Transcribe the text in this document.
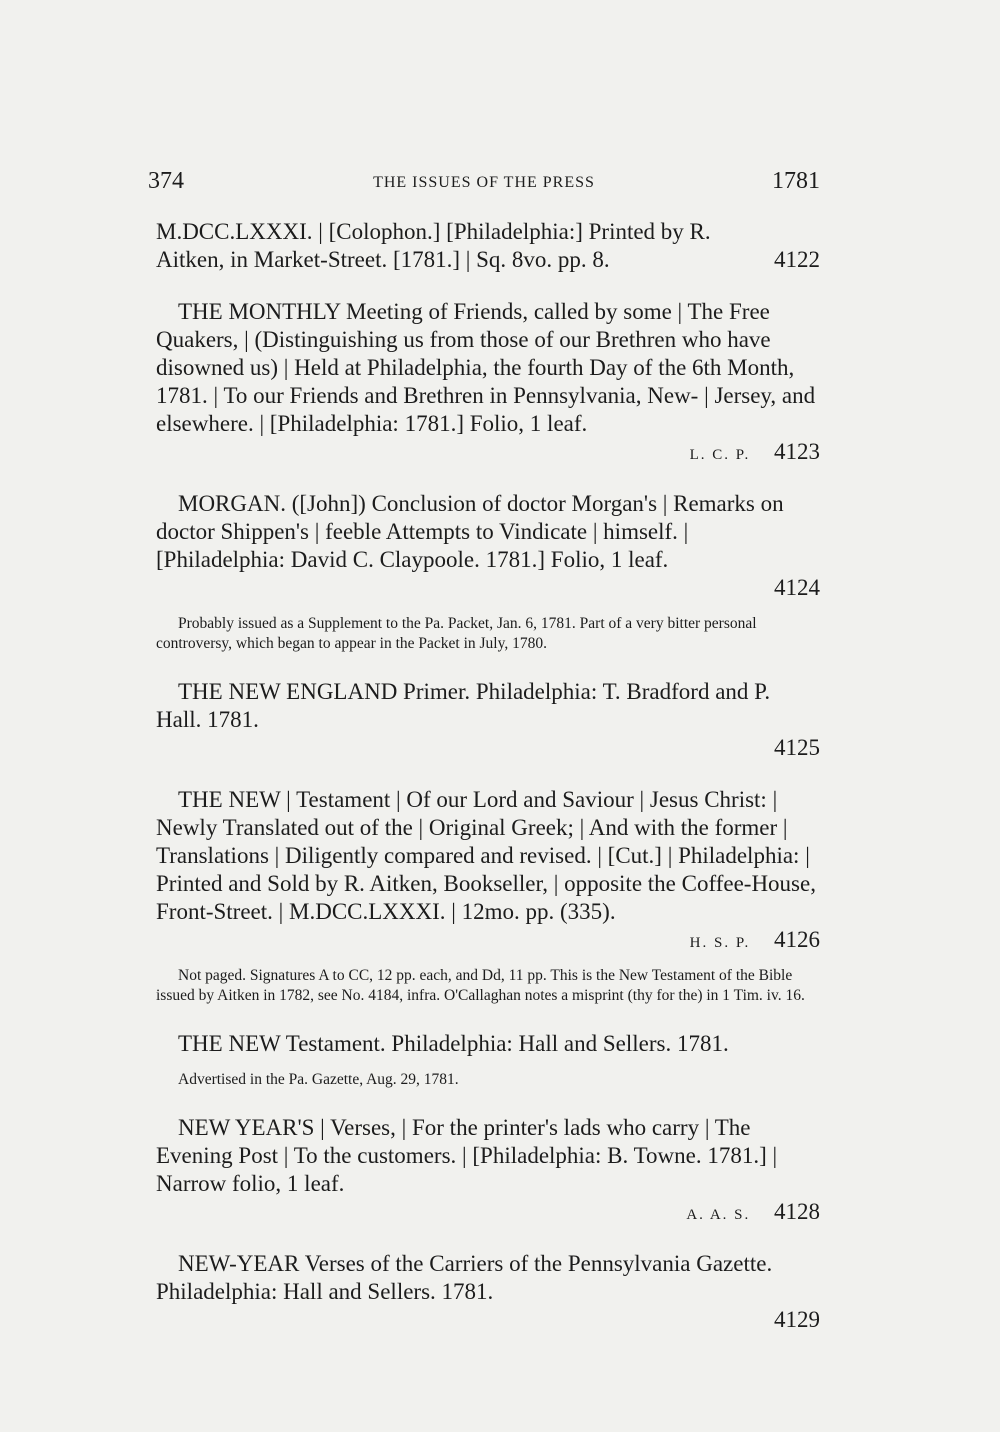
374	THE ISSUES OF THE PRESS	1781

M.DCC.LXXXI. | [Colophon.] [Philadelphia:] Printed by R.

Aitken, in Market-Street. [1781.] | Sq. 8vo. pp. 8.	4122

THE MONTHLY Meeting of Friends, called by some | The Free Quakers, | (Distinguishing us from those of our Brethren who have disowned us) | Held at Philadelphia, the fourth Day of the 6th Month, 1781. | To our Friends and Brethren in Pennsylvania, New- | Jersey, and elsewhere. | [Philadelphia: 1781.] Folio, 1 leaf.

L. C. P. 4123

MORGAN. ([John]) Conclusion of doctor Morgan's | Remarks on doctor Shippen's | feeble Attempts to Vindicate | himself. | [Philadelphia: David C. Claypoole. 1781.] Folio, 1 leaf.

4124

Probably issued as a Supplement to the Pa. Packet, Jan. 6, 1781. Part of a very bitter personal controversy, which began to appear in the Packet in July, 1780.

THE NEW ENGLAND Primer. Philadelphia: T. Bradford and P. Hall. 1781.

4125

THE NEW | Testament | Of our Lord and Saviour | Jesus Christ: | Newly Translated out of the | Original Greek; | And with the former | Translations | Diligently compared and revised. | [Cut.] | Philadelphia: | Printed and Sold by R. Aitken, Bookseller, | opposite the Coffee-House, Front-Street. | M.DCC.LXXXI. | 12mo. pp. (335).

H. S. P. 4126

Not paged. Signatures A to CC, 12 pp. each, and Dd, 11 pp. This is the New Testament of the Bible issued by Aitken in 1782, see No. 4184, infra. O'Callaghan notes a misprint (thy for the) in 1 Tim. iv. 16.

THE NEW Testament. Philadelphia: Hall and Sellers. 1781.

Advertised in the Pa. Gazette, Aug. 29, 1781.

NEW YEAR'S | Verses, | For the printer's lads who carry | The Evening Post | To the customers. | [Philadelphia: B. Towne. 1781.] | Narrow folio, 1 leaf.

A. A. S. 4128

NEW-YEAR Verses of the Carriers of the Pennsylvania Gazette. Philadelphia: Hall and Sellers. 1781.

4129
